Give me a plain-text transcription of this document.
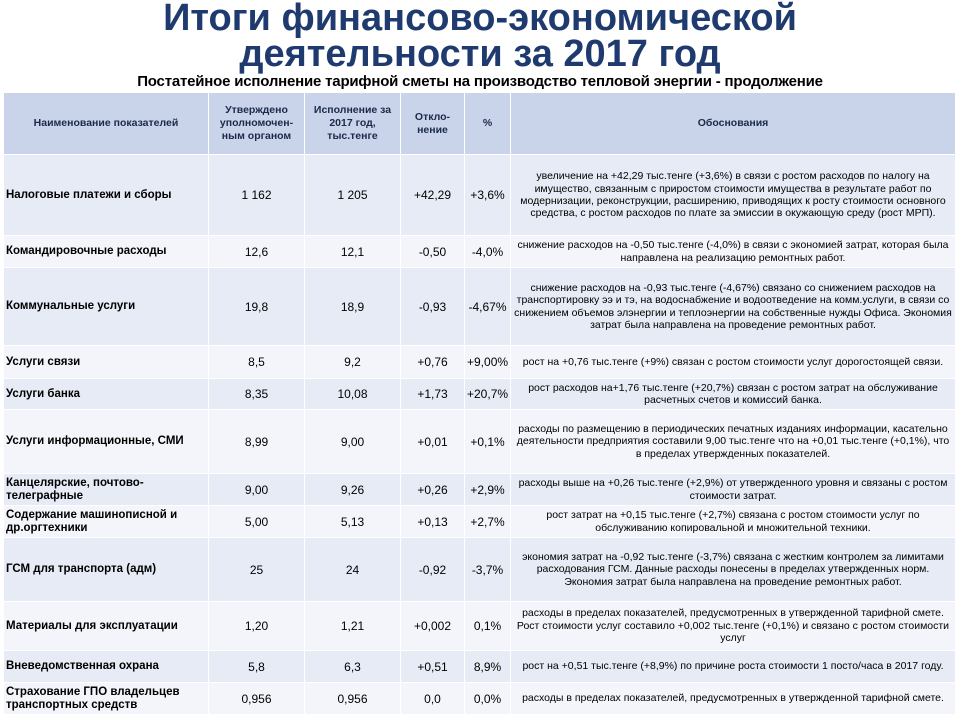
Итоги финансово-экономической
деятельности за 2017 год
Постатейное исполнение тарифной сметы на производство тепловой энергии - продолжение
Наименование показателей	Утверждено уполномочен-ным органом	Исполнение за 2017 год, тыс.тенге	Откло-нение	%	Обоснования
Налоговые платежи и сборы	1 162	1 205	+42,29	+3,6%	увеличение на +42,29 тыс.тенге (+3,6%) в связи с ростом расходов по налогу на имущество, связанным с приростом стоимости имущества в результате работ по модернизации, реконструкции, расширению, приводящих к росту стоимости основного средства, с ростом расходов по плате за эмиссии в окужающую среду (рост МРП).
Командировочные расходы	12,6	12,1	-0,50	-4,0%	снижение расходов на -0,50 тыс.тенге (-4,0%) в связи с экономией затрат, которая была направлена на реализацию ремонтных работ.
Коммунальные услуги	19,8	18,9	-0,93	-4,67%	снижение расходов на -0,93 тыс.тенге (-4,67%) связано со снижением расходов на транспортировку ээ и тэ, на водоснабжение и водоотведение на комм.услуги, в связи со снижением объемов элэнергии и теплоэнергии на собственные нужды Офиса. Экономия затрат была направлена на проведение ремонтных работ.
Услуги связи	8,5	9,2	+0,76	+9,00%	рост на +0,76 тыс.тенге (+9%) связан с ростом стоимости услуг дорогостоящей связи.
Услуги банка	8,35	10,08	+1,73	+20,7%	рост расходов на+1,76 тыс.тенге (+20,7%) связан с ростом затрат на обслуживание расчетных счетов и комиссий банка.
Услуги информационные, СМИ	8,99	9,00	+0,01	+0,1%	расходы по размещению в периодических печатных изданиях информации, касательно деятельности предприятия составили 9,00 тыс.тенге что на +0,01 тыс.тенге (+0,1%), что в пределах утвержденных показателей.
Канцелярские, почтово-телеграфные	9,00	9,26	+0,26	+2,9%	расходы выше на +0,26 тыс.тенге (+2,9%) от утвержденного уровня и связаны с ростом стоимости затрат.
Содержание машинописной и др.оргтехники	5,00	5,13	+0,13	+2,7%	рост затрат на +0,15 тыс.тенге (+2,7%) связана с ростом стоимости услуг по обслуживанию копировальной и множительной техники.
ГСМ для транспорта (адм)	25	24	-0,92	-3,7%	экономия затрат на -0,92 тыс.тенге (-3,7%) связана с жестким контролем за лимитами расходования ГСМ. Данные расходы понесены в пределах утвержденных норм. Экономия затрат была направлена на проведение ремонтных работ.
Материалы для эксплуатации	1,20	1,21	+0,002	0,1%	расходы в пределах показателей, предусмотренных в утвержденной тарифной смете. Рост стоимости услуг составило +0,002 тыс.тенге (+0,1%) и связано с ростом стоимости услуг
Вневедомственная охрана	5,8	6,3	+0,51	8,9%	рост на +0,51 тыс.тенге (+8,9%) по причине роста стоимости 1 посто/часа в 2017 году.
Страхование ГПО владельцев транспортных средств	0,956	0,956	0,0	0,0%	расходы в пределах показателей, предусмотренных в утвержденной тарифной смете.
